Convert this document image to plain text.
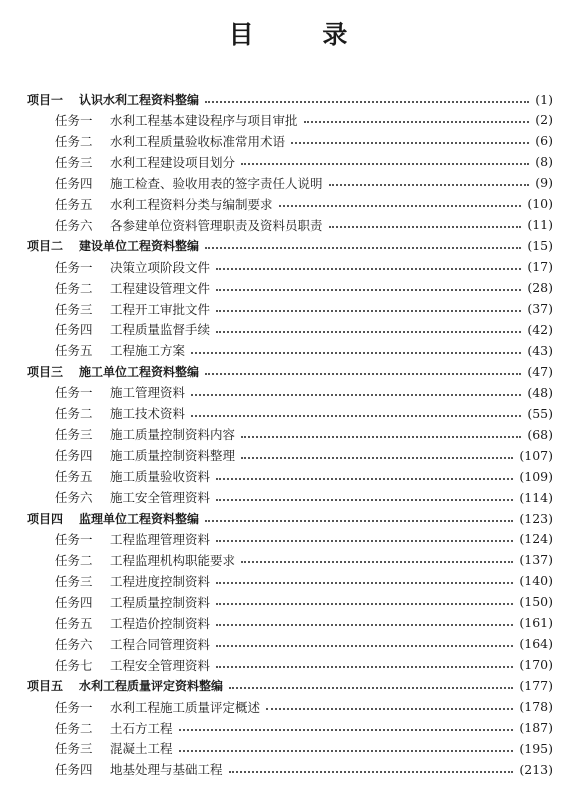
目 录
项目一	认识水利工程资料整编	(1)
任务一	水利工程基本建设程序与项目审批	(2)
任务二	水利工程质量验收标准常用术语	(6)
任务三	水利工程建设项目划分	(8)
任务四	施工检查、验收用表的签字责任人说明	(9)
任务五	水利工程资料分类与编制要求	(10)
任务六	各参建单位资料管理职责及资料员职责	(11)
项目二	建设单位工程资料整编	(15)
任务一	决策立项阶段文件	(17)
任务二	工程建设管理文件	(28)
任务三	工程开工审批文件	(37)
任务四	工程质量监督手续	(42)
任务五	工程施工方案	(43)
项目三	施工单位工程资料整编	(47)
任务一	施工管理资料	(48)
任务二	施工技术资料	(55)
任务三	施工质量控制资料内容	(68)
任务四	施工质量控制资料整理	(107)
任务五	施工质量验收资料	(109)
任务六	施工安全管理资料	(114)
项目四	监理单位工程资料整编	(123)
任务一	工程监理管理资料	(124)
任务二	工程监理机构职能要求	(137)
任务三	工程进度控制资料	(140)
任务四	工程质量控制资料	(150)
任务五	工程造价控制资料	(161)
任务六	工程合同管理资料	(164)
任务七	工程安全管理资料	(170)
项目五	水利工程质量评定资料整编	(177)
任务一	水利工程施工质量评定概述	(178)
任务二	土石方工程	(187)
任务三	混凝土工程	(195)
任务四	地基处理与基础工程	(213)
